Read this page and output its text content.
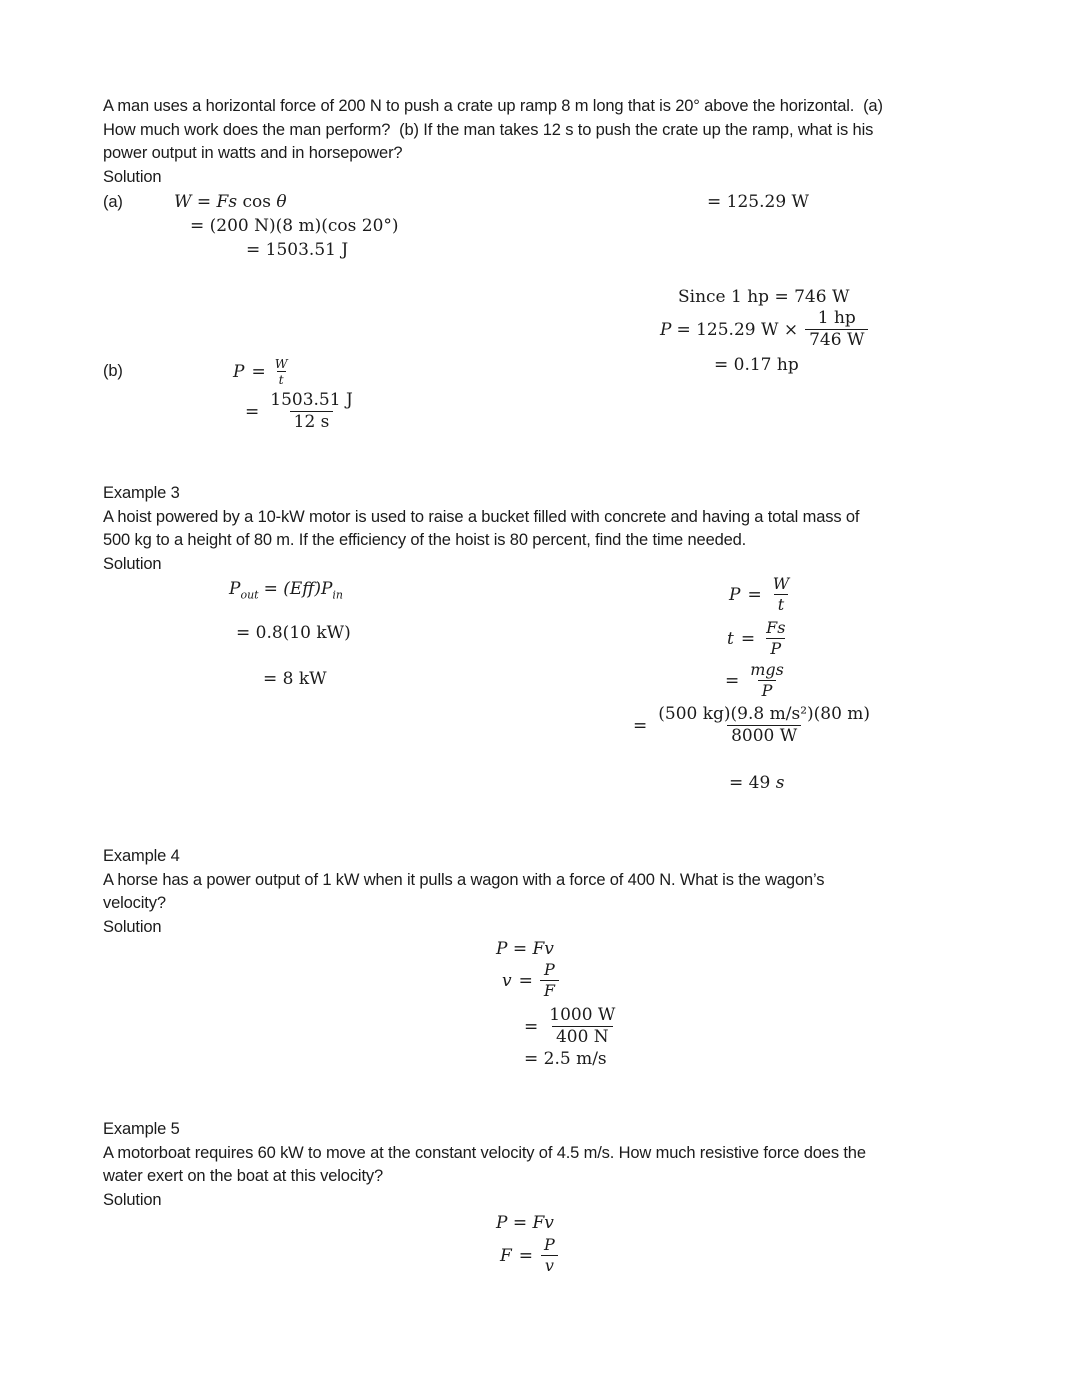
A man uses a horizontal force of 200 N to push a crate up ramp 8 m long that is 20° above the horizontal.  (a)
How much work does the man perform?  (b) If the man takes 12 s to push the crate up the ramp, what is his
power output in watts and in horsepower?
Solution
(a)	W = Fs cos θ	= 125.29 W
= (200 N)(8 m)(cos 20°)
= 1503.51 J
Since 1 hp = 746 W
P = 125.29 $W \times \frac{1 hp}{746 W}$
= 0.17 hp
(b)	$P = \frac{W}{t}$
= $\frac{1503.51 J}{12 s}$
Example 3
A hoist powered by a 10-kW motor is used to raise a bucket filled with concrete and having a total mass of
500 kg to a height of 80 m. If the efficiency of the hoist is 80 percent, find the time needed.
Solution
$P_{out} = (Eff)P_{in}$
= 0.8(10 kW)
= 8 kW
$P = \frac{W}{t}$
$t = \frac{Fs}{P}$
= $\frac{\text{mgs}}{P}$
= $\frac{\text{(500 kg)(9.8 m/s²)(80 m)}}{8000 W}$
= 49 s
Example 4
A horse has a power output of 1 kW when it pulls a wagon with a force of 400 N. What is the wagon’s
velocity?
Solution
P = Fv
$v = \frac{P}{F}$
= $\frac{1000 W}{400 N}$
= 2.5 m/s
Example 5
A motorboat requires 60 kW to move at the constant velocity of 4.5 m/s. How much resistive force does the
water exert on the boat at this velocity?
Solution
P = Fv
$F = \frac{P}{v}$
